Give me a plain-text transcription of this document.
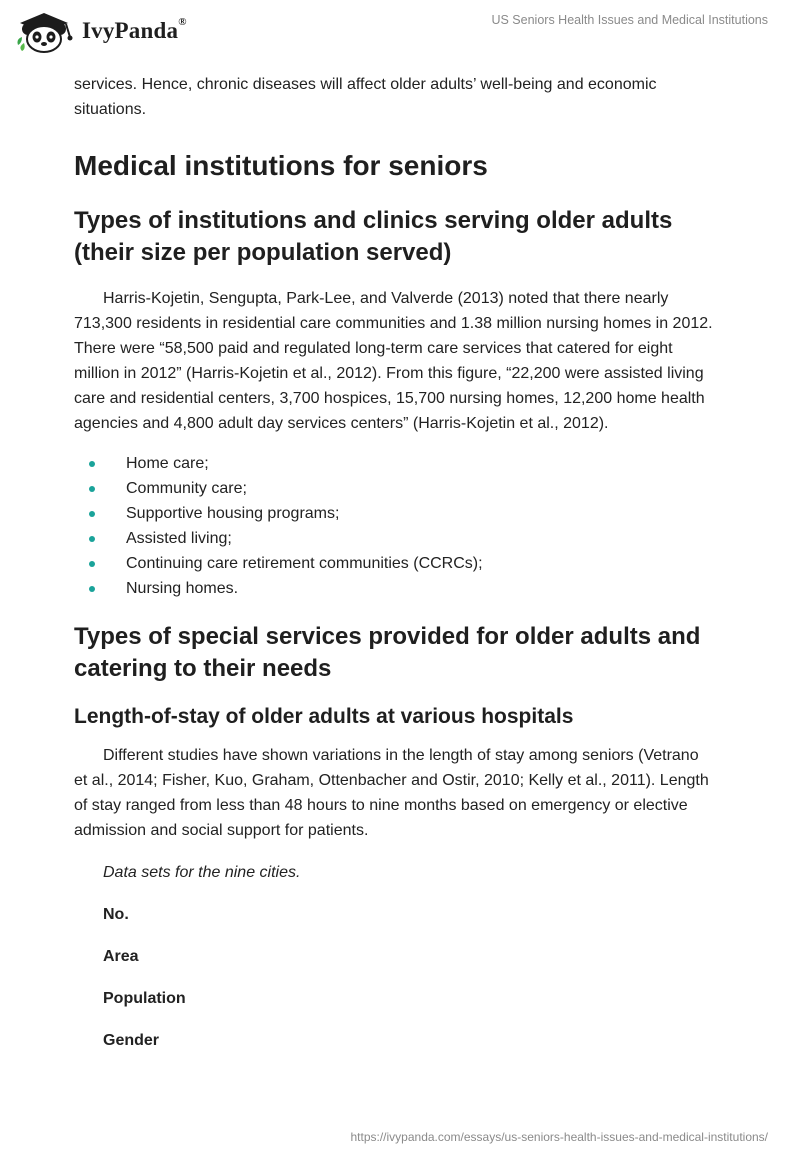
IvyPanda®	US Seniors Health Issues and Medical Institutions

services. Hence, chronic diseases will affect older adults’ well-being and economic situations.

Medical institutions for seniors
Types of institutions and clinics serving older adults (their size per population served)

Harris-Kojetin, Sengupta, Park-Lee, and Valverde (2013) noted that there nearly 713,300 residents in residential care communities and 1.38 million nursing homes in 2012. There were “58,500 paid and regulated long-term care services that catered for eight million in 2012” (Harris-Kojetin et al., 2012). From this figure, “22,200 were assisted living care and residential centers, 3,700 hospices, 15,700 nursing homes, 12,200 home health agencies and 4,800 adult day services centers” (Harris-Kojetin et al., 2012).

Home care;
Community care;
Supportive housing programs;
Assisted living;
Continuing care retirement communities (CCRCs);
Nursing homes.
Types of special services provided for older adults and catering to their needs
Length-of-stay of older adults at various hospitals

Different studies have shown variations in the length of stay among seniors (Vetrano et al., 2014; Fisher, Kuo, Graham, Ottenbacher and Ostir, 2010; Kelly et al., 2011). Length of stay ranged from less than 48 hours to nine months based on emergency or elective admission and social support for patients.

Data sets for the nine cities.

No.
Area
Population
Gender
https://ivypanda.com/essays/us-seniors-health-issues-and-medical-institutions/
